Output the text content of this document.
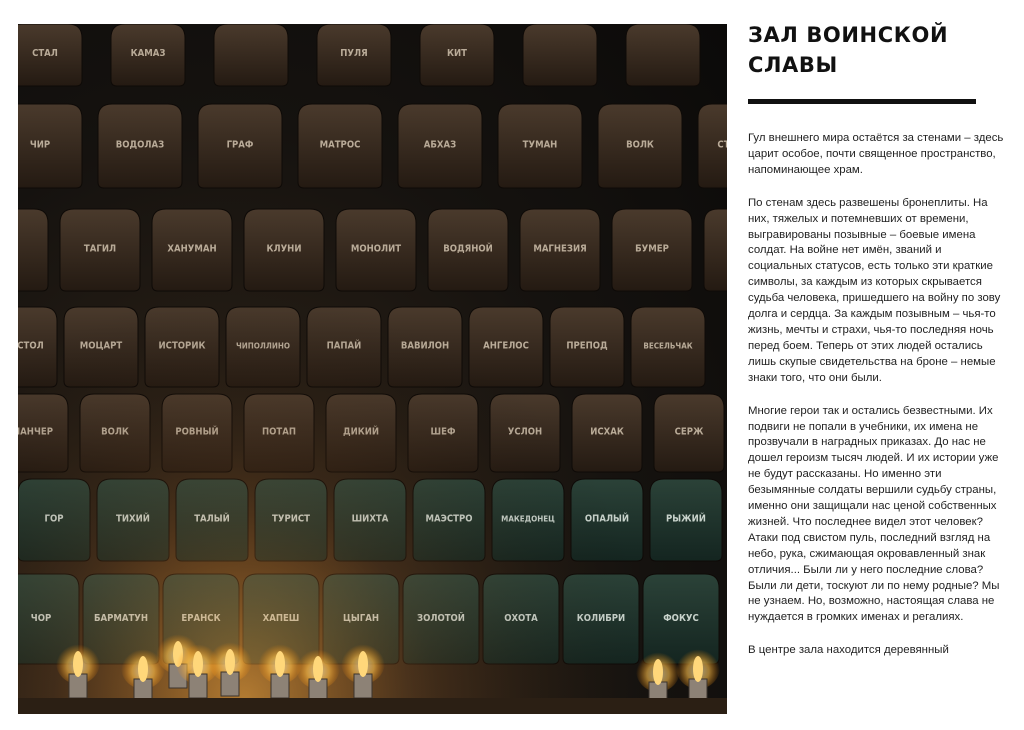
ЗАЛ ВОИНСКОЙ СЛАВЫ

Гул внешнего мира остаётся за стенами – здесь царит особое, почти священное пространство, напоминающее храм.

По стенам здесь развешены бронеплиты. На них, тяжелых и потемневших от времени, выгравированы позывные – боевые имена солдат. На войне нет имён, званий и социальных статусов, есть только эти краткие символы, за каждым из которых скрывается судьба человека, пришедшего на войну по зову долга и сердца. За каждым позывным – чья-то жизнь, мечты и страхи, чья-то последняя ночь перед боем. Теперь от этих людей остались лишь скупые свидетельства на броне – немые знаки того, что они были.

Многие герои так и остались безвестными. Их подвиги не попали в учебники, их имена не прозвучали в наградных приказах. До нас не дошел героизм тысяч людей. И их истории уже не будут рассказаны. Но именно эти безымянные солдаты вершили судьбу страны, именно они защищали нас ценой собственных жизней. Что последнее видел этот человек? Атаки под свистом пуль, последний взгляд на небо, рука, сжимающая окровавленный знак отличия... Были ли у него последние слова? Были ли дети, тоскуют ли по нему родные? Мы не узнаем. Но, возможно, настоящая слава не нуждается в громких именах и регалиях.

В центре зала находится деревянный
